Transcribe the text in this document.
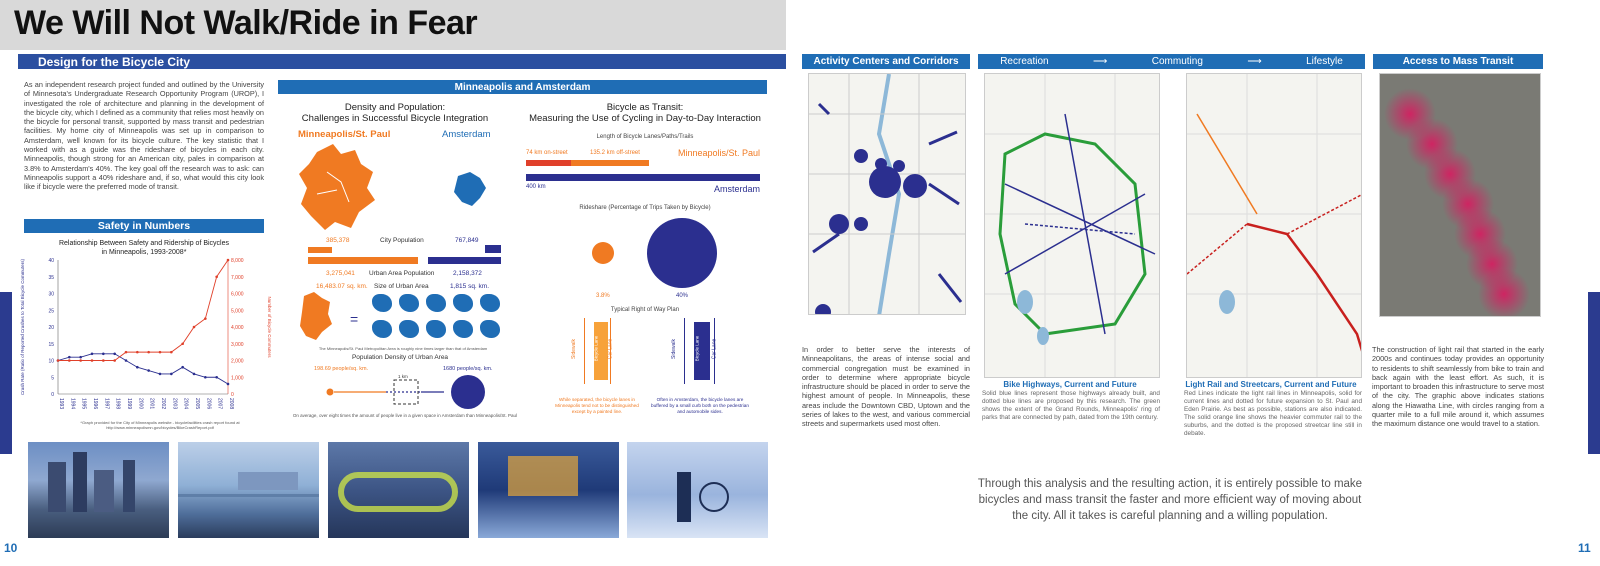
We Will Not Walk/Ride in Fear
Design for the Bicycle City
As an independent research project funded and outlined by the University of Minnesota's Undergraduate Research Opportunity Program (UROP), I investigated the role of architecture and planning in the development of the bicycle city, which I defined as a community that relies most heavily on the bicycle for personal transit, supported by mass transit and pedestrian facilities. My home city of Minneapolis was set up in comparison to Amsterdam, well known for its bicycle culture. The key statistic that I worked with as a guide was the rideshare of bicycles in each city. Minneapolis, though strong for an American city, pales in comparison at 3.8% to Amsterdam's 40%. The key goal off the research was to ask: can Minneapolis support a 40% rideshare and, if so, what would this city look like if bicycle were the preferred mode of transit.
Safety in Numbers
Relationship Between Safety and Ridership of Bicycles
in Minneapolis, 1993-2008*
0
5
10
15
20
25
30
35
40
0
1,000
2,000
3,000
4,000
5,000
6,000
7,000
8,000
1993 1994 1995 1996 1997 1998 1999 2000 2001 2002 2003 2004 2005 2006 2007 2008
Crash Rate (Ratio of Reported Crashes to Total Bicycle Commuters)	Number of Bicycle Commuters
*Graph provided for the City of Minneapolis website - bicyclefacilities crash report found at http://www.minneapolismn.gov/bicycles/BikeCrashReport.pdf
Minneapolis and Amsterdam
Density and Population:
Challenges in Successful Bicycle Integration
Minneapolis/St. Paul	Amsterdam
385,378	City Population	767,849
3,275,041 Urban Area Population	2,158,372
16,483.07 sq. km. Size of Urban Area	1,815 sq. km.
=
The Minneapolis/St. Paul Metropolitan Area is roughly nine times larger than that of Amsterdam
Population Density of Urban Area
198.69 people/sq. km.	1680 people/sq. km.
1 km
On average, over eight times the amount of people live in a given space in Amsterdam than Minneapolis/St. Paul
Bicycle as Transit:
Measuring the Use of Cycling in Day-to-Day Interaction
Length of Bicycle Lanes/Paths/Trails
74 km on-street	135.2 km off-street	Minneapolis/St. Paul
400 km	Amsterdam
Rideshare (Percentage of Trips Taken by Bicycle)
3.8%	40%
Typical Right of Way Plan
Sidewalk	Bicycle Lane Car Lane
While separated, the bicycle lanes in Minneapolis tend not to be distinguished except by a painted line.
Sidewalk	Bicycle Lane Car Lane
Often in Amsterdam, the bicycle lanes are buffered by a small curb both on the pedestrian and automobile sides.
10	11
Activity Centers and Corridors	Recreation	⟶	Commuting	⟶	Lifestyle	Access to Mass Transit
In order to better serve the interests of Minneapolitans, the areas of intense social and commercial congregation must be examined in order to determine where appropriate bicycle infrastructure should be placed in order to serve the highest amount of people. In Minneapolis, these areas include the Downtown CBD, Uptown and the series of lakes to the west, and various commercial streets and supermarkets used most often.
Bike Highways, Current and Future
Solid blue lines represent those highways already built, and dotted blue lines are proposed by this research. The green shows the extent of the Grand Rounds, Minneapolis' ring of parks that are connected by path, dated from the 19th century.
Light Rail and Streetcars, Current and Future
Red Lines indicate the light rail lines in Minneapolis, solid for current lines and dotted for future expansion to St. Paul and Eden Prairie. As best as possible, stations are also indicated. The solid orange line shows the heavier commuter rail to the suburbs, and the dotted is the proposed streetcar line still in debate.
The construction of light rail that started in the early 2000s and continues today provides an opportunity to residents to shift seamlessly from bike to train and back again with the least effort. As such, it is important to broaden this infrastructure to serve most of the city. The graphic above indicates stations along the Hiawatha Line, with circles ranging from a quarter mile to a full mile around it, which assumes the maximum distance one would travel to a station.
Through this analysis and the resulting action, it is entirely possible to make bicycles and mass transit the faster and more efficient way of moving about the city. All it takes is careful planning and a willing population.
